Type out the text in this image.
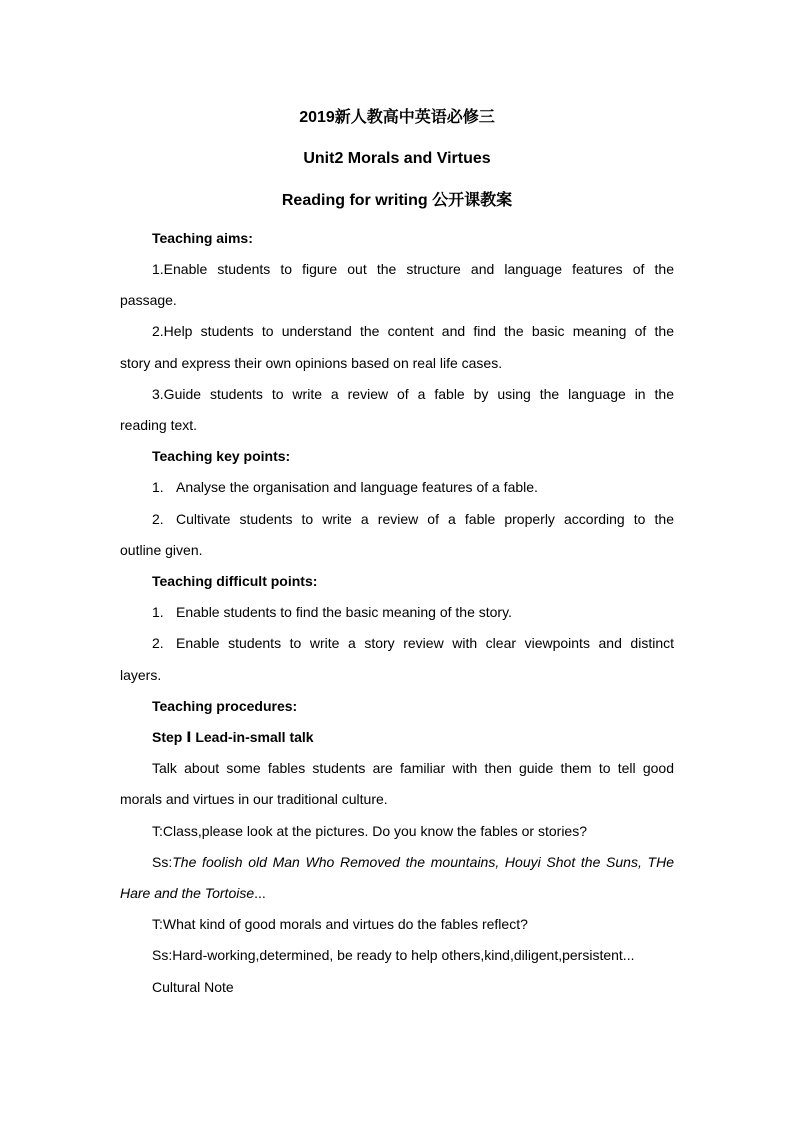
2019新人教高中英语必修三
Unit2 Morals and Virtues
Reading for writing 公开课教案
Teaching aims:
1.Enable students to figure out the structure and language features of the
passage.
2.Help students to understand the content and find the basic meaning of the
story and express their own opinions based on real life cases.
3.Guide students to write a review of a fable by using the language in the
reading text.
Teaching key points:
1. Analyse the organisation and language features of a fable.
2. Cultivate students to write a review of a fable properly according to the
outline given.
Teaching difficult points:
1. Enable students to find the basic meaning of the story.
2. Enable students to write a story review with clear viewpoints and distinct
layers.
Teaching procedures:
Step Ⅰ Lead-in-small talk
Talk about some fables students are familiar with then guide them to tell good
morals and virtues in our traditional culture.
T:Class,please look at the pictures. Do you know the fables or stories?
Ss: The foolish old Man Who Removed the mountains, Houyi Shot the Suns, THe
Hare and the Tortoise...
T:What kind of good morals and virtues do the fables reflect?
Ss:Hard-working,determined, be ready to help others,kind,diligent,persistent...
Cultural Note
